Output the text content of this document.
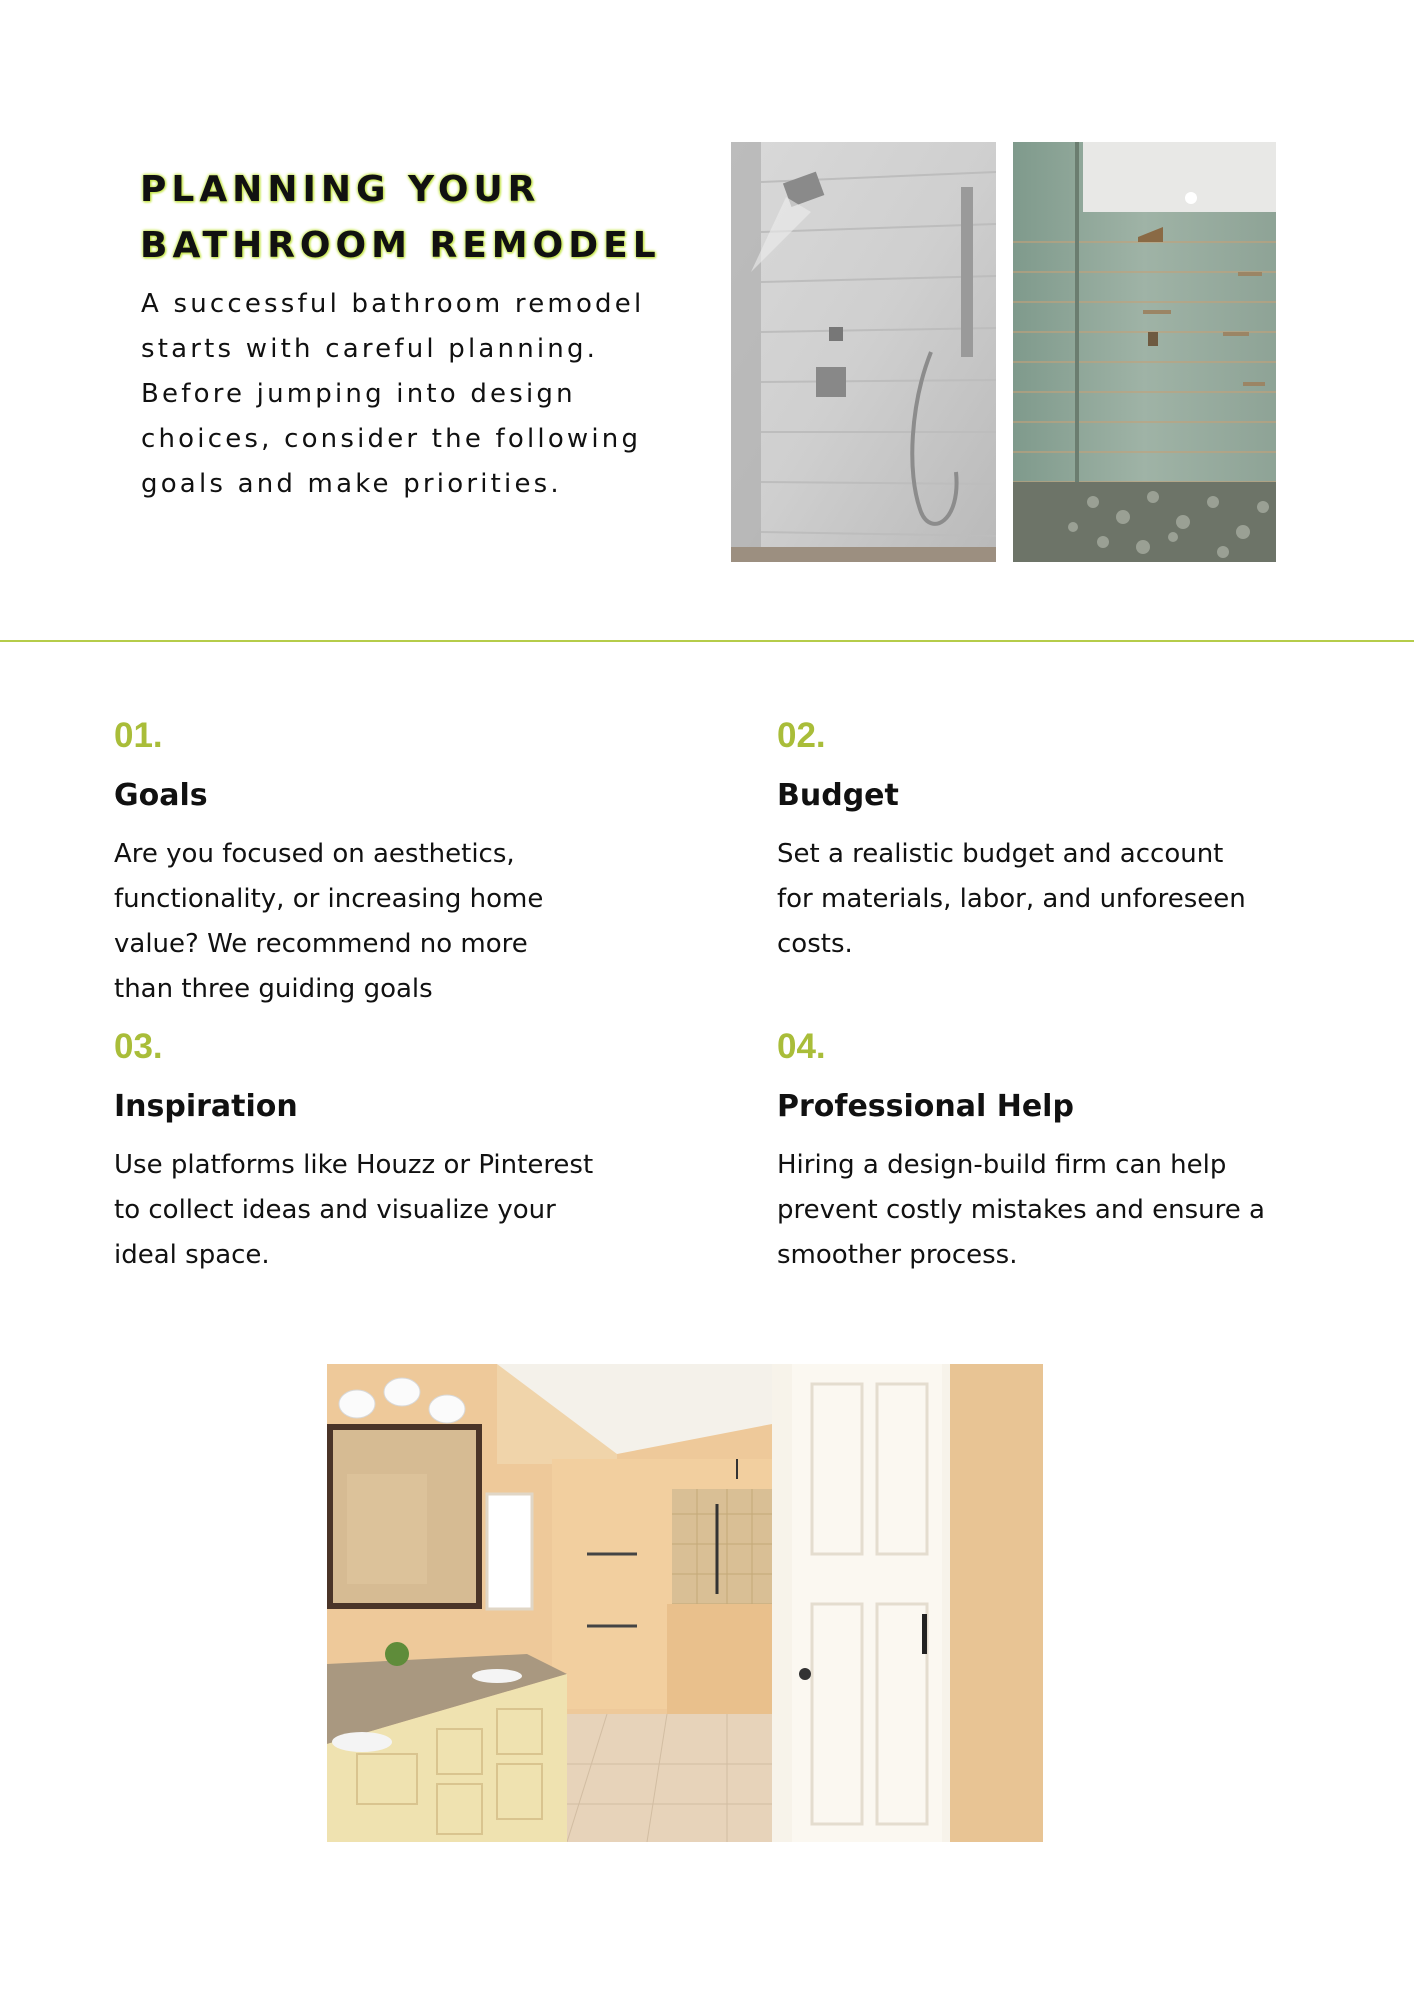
PLANNING YOUR
BATHROOM REMODEL

A successful bathroom remodel
starts with careful planning.
Before jumping into design
choices, consider the following
goals and make priorities.

01.

Goals

Are you focused on aesthetics,
functionality, or increasing home
value? We recommend no more
than three guiding goals

02.

Budget

Set a realistic budget and account
for materials, labor, and unforeseen
costs.

03.

Inspiration

Use platforms like Houzz or Pinterest
to collect ideas and visualize your
ideal space.

04.

Professional Help

Hiring a design-build firm can help
prevent costly mistakes and ensure a
smoother process.
